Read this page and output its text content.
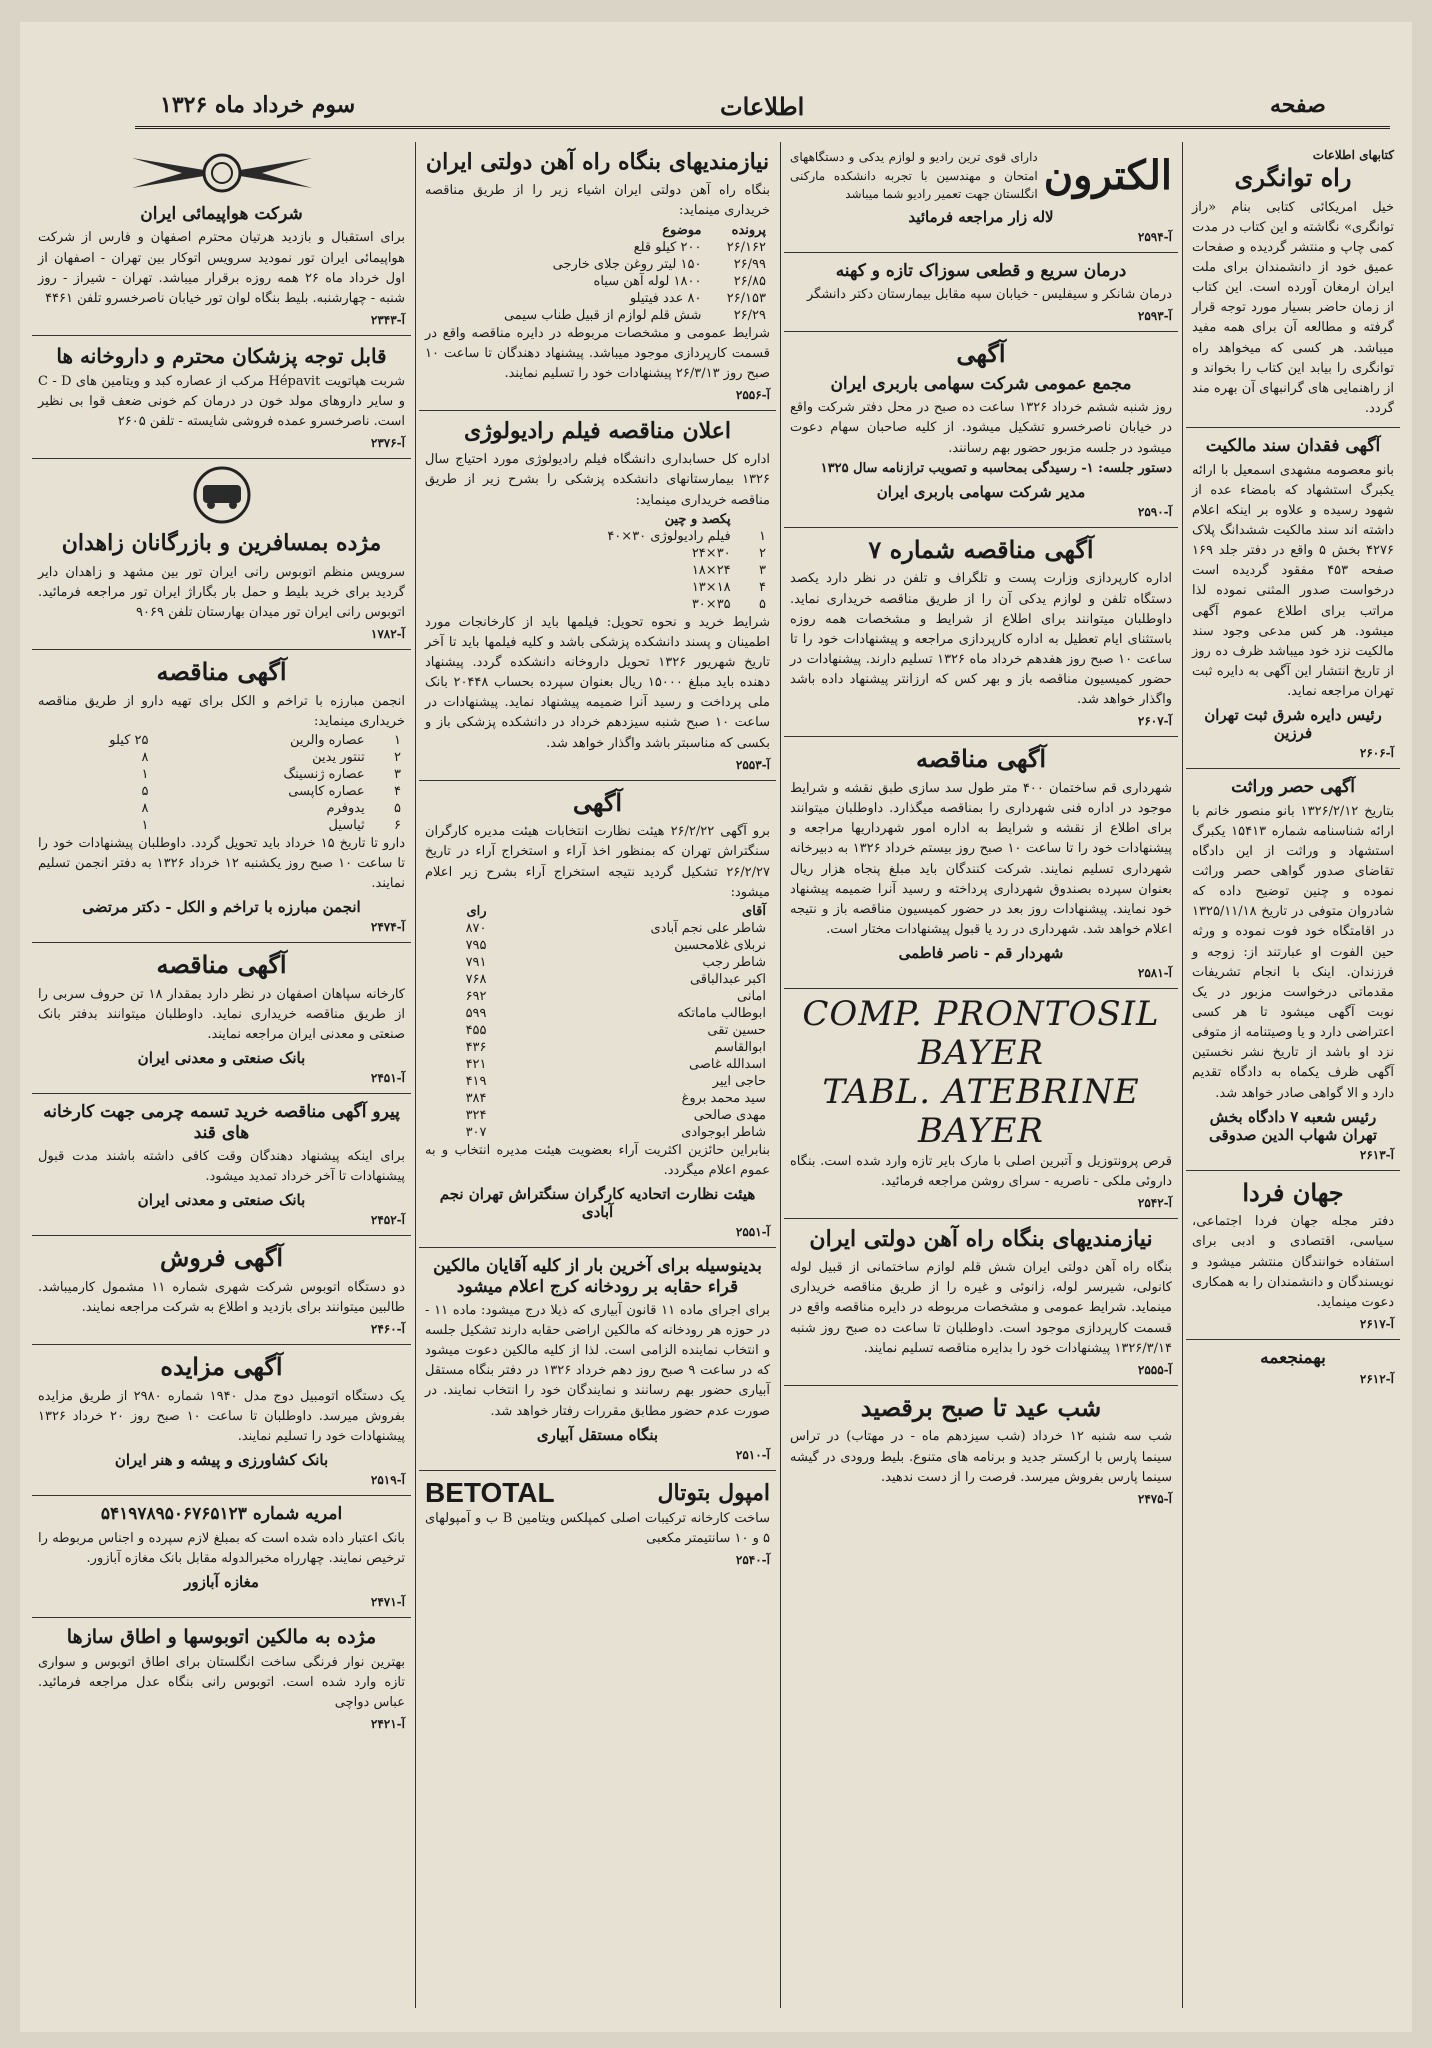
سوم خرداد ماه ۱۳۲۶	اطلاعات	صفحه
کتابهای اطلاعات
راه توانگری

خیل امریکائی کتابی بنام «راز توانگری» نگاشته و این کتاب در مدت کمی چاپ و منتشر گردیده و صفحات عمیق خود از دانشمندان برای ملت ایران ارمغان آورده است. این کتاب از زمان حاضر بسیار مورد توجه قرار گرفته و مطالعه آن برای همه مفید میباشد. هر کسی که میخواهد راه توانگری را بیابد این کتاب را بخواند و از راهنمایی های گرانبهای آن بهره مند گردد.

آگهی فقدان سند مالکیت

بانو معصومه مشهدی اسمعیل با ارائه یکبرگ استشهاد که بامضاء عده از شهود رسیده و علاوه بر اینکه اعلام داشته اند سند مالکیت ششدانگ پلاک ۴۲۷۶ بخش ۵ واقع در دفتر جلد ۱۶۹ صفحه ۴۵۳ مفقود گردیده است درخواست صدور المثنی نموده لذا مراتب برای اطلاع عموم آگهی میشود. هر کس مدعی وجود سند مالکیت نزد خود میباشد ظرف ده روز از تاریخ انتشار این آگهی به دایره ثبت تهران مراجعه نماید.

رئیس دایره شرق ثبت تهران فرزین
آ-۲۶۰۶
آگهی حصر وراثت

بتاریخ ۱۳۲۶/۲/۱۲ بانو منصور خانم با ارائه شناسنامه شماره ۱۵۴۱۳ یکبرگ استشهاد و وراثت از این دادگاه تقاضای صدور گواهی حصر وراثت نموده و چنین توضیح داده که شادروان متوفی در تاریخ ۱۳۲۵/۱۱/۱۸ در اقامتگاه خود فوت نموده و ورثه حین الفوت او عبارتند از: زوجه و فرزندان. اینک با انجام تشریفات مقدماتی درخواست مزبور در یک نوبت آگهی میشود تا هر کسی اعتراضی دارد و یا وصیتنامه از متوفی نزد او باشد از تاریخ نشر نخستین آگهی ظرف یکماه به دادگاه تقدیم دارد و الا گواهی صادر خواهد شد.

رئیس شعبه ۷ دادگاه بخش تهران شهاب الدین صدوقی
آ-۲۶۱۳
جهان فردا

دفتر مجله جهان فردا اجتماعی، سیاسی، اقتصادی و ادبی برای استفاده خوانندگان منتشر میشود و نویسندگان و دانشمندان را به همکاری دعوت مینماید.

آ-۲۶۱۷
بهمنجعمه
آ-۲۶۱۲
الکترون

دارای قوی ترین رادیو و لوازم یدکی و دستگاههای امتحان و مهندسین با تجربه دانشکده مارکنی انگلستان جهت تعمیر رادیو شما میباشد

لاله زار مراجعه فرمائید
آ-۲۵۹۴
درمان سریع و قطعی سوزاک تازه و کهنه

درمان شانکر و سیفلیس - خیابان سپه مقابل بیمارستان دکتر دانشگر

آ-۲۵۹۳
آگهی
مجمع عمومی شرکت سهامی باربری ایران

روز شنبه ششم خرداد ۱۳۲۶ ساعت ده صبح در محل دفتر شرکت واقع در خیابان ناصرخسرو تشکیل میشود. از کلیه صاحبان سهام دعوت میشود در جلسه مزبور حضور بهم رسانند.

دستور جلسه: ۱- رسیدگی بمحاسبه و تصویب ترازنامه سال ۱۳۲۵

مدیر شرکت سهامی باربری ایران
آ-۲۵۹۰
آگهی مناقصه شماره ۷

اداره کارپردازی وزارت پست و تلگراف و تلفن در نظر دارد یکصد دستگاه تلفن و لوازم یدکی آن را از طریق مناقصه خریداری نماید. داوطلبان میتوانند برای اطلاع از شرایط و مشخصات همه روزه باستثنای ایام تعطیل به اداره کارپردازی مراجعه و پیشنهادات خود را تا ساعت ۱۰ صبح روز هفدهم خرداد ماه ۱۳۲۶ تسلیم دارند. پیشنهادات در حضور کمیسیون مناقصه باز و بهر کس که ارزانتر پیشنهاد داده باشد واگذار خواهد شد.

آ-۲۶۰۷
آگهی مناقصه

شهرداری قم ساختمان ۴۰۰ متر طول سد سازی طبق نقشه و شرایط موجود در اداره فنی شهرداری را بمناقصه میگذارد. داوطلبان میتوانند برای اطلاع از نقشه و شرایط به اداره امور شهرداریها مراجعه و پیشنهادات خود را تا ساعت ۱۰ صبح روز بیستم خرداد ۱۳۲۶ به دبیرخانه شهرداری تسلیم نمایند. شرکت کنندگان باید مبلغ پنجاه هزار ریال بعنوان سپرده بصندوق شهرداری پرداخته و رسید آنرا ضمیمه پیشنهاد خود نمایند. پیشنهادات روز بعد در حضور کمیسیون مناقصه باز و نتیجه اعلام خواهد شد. شهرداری در رد یا قبول پیشنهادات مختار است.

شهردار قم - ناصر فاطمی
آ-۲۵۸۱
COMP. PRONTOSIL BAYER
TABL. ATEBRINE BAYER

قرص پرونتوزیل و آتبرین اصلی با مارک بایر تازه وارد شده است. بنگاه داروئی ملکی - ناصریه - سرای روشن مراجعه فرمائید.

آ-۲۵۴۲
نیازمندیهای بنگاه راه آهن دولتی ایران

بنگاه راه آهن دولتی ایران شش قلم لوازم ساختمانی از قبیل لوله کانولی، شیرسر لوله، زانوئی و غیره را از طریق مناقصه خریداری مینماید. شرایط عمومی و مشخصات مربوطه در دایره مناقصه واقع در قسمت کارپردازی موجود است. داوطلبان تا ساعت ده صبح روز شنبه ۱۳۲۶/۳/۱۴ پیشنهادات خود را بدایره مناقصه تسلیم نمایند.

آ-۲۵۵۵
شب عید تا صبح برقصید

شب سه شنبه ۱۲ خرداد (شب سیزدهم ماه - در مهتاب) در تراس سینما پارس با ارکستر جدید و برنامه های متنوع. بلیط ورودی در گیشه سینما پارس بفروش میرسد. فرصت را از دست ندهید.

آ-۲۴۷۵
نیازمندیهای بنگاه راه آهن دولتی ایران

بنگاه راه آهن دولتی ایران اشیاء زیر را از طریق مناقصه خریداری مینماید:

پرونده	موضوع
۲۶/۱۶۲	۲۰۰ کیلو قلع
۲۶/۹۹	۱۵۰ لیتر روغن جلای خارجی
۲۶/۸۵	۱۸۰۰ لوله آهن سیاه
۲۶/۱۵۳	۸۰ عدد فیتیلو
۲۶/۲۹	شش قلم لوازم از قبیل طناب سیمی

شرایط عمومی و مشخصات مربوطه در دایره مناقصه واقع در قسمت کارپردازی موجود میباشد. پیشنهاد دهندگان تا ساعت ۱۰ صبح روز ۲۶/۳/۱۳ پیشنهادات خود را تسلیم نمایند.

آ-۲۵۵۶
اعلان مناقصه فیلم رادیولوژی

اداره کل حسابداری دانشگاه فیلم رادیولوژی مورد احتیاج سال ۱۳۲۶ بیمارستانهای دانشکده پزشکی را بشرح زیر از طریق مناقصه خریداری مینماید:

	پکصد و چین
۱	فیلم رادیولوژی ۳۰×۴۰
۲	۳۰×۲۴
۳	۲۴×۱۸
۴	۱۸×۱۳
۵	۳۵×۳۰

شرایط خرید و نحوه تحویل: فیلمها باید از کارخانجات مورد اطمینان و پسند دانشکده پزشکی باشد و کلیه فیلمها باید تا آخر تاریخ شهریور ۱۳۲۶ تحویل داروخانه دانشکده گردد. پیشنهاد دهنده باید مبلغ ۱۵۰۰۰ ریال بعنوان سپرده بحساب ۲۰۴۴۸ بانک ملی پرداخت و رسید آنرا ضمیمه پیشنهاد نماید. پیشنهادات در ساعت ۱۰ صبح شنبه سیزدهم خرداد در دانشکده پزشکی باز و بکسی که مناسبتر باشد واگذار خواهد شد.

آ-۲۵۵۳
آگهی

برو آگهی ۲۶/۲/۲۲ هیئت نظارت انتخابات هیئت مدیره کارگران سنگتراش تهران که بمنظور اخذ آراء و استخراج آراء در تاریخ ۲۶/۲/۲۷ تشکیل گردید نتیجه استخراج آراء بشرح زیر اعلام میشود:

آقای	رای
شاطر علی نجم آبادی	۸۷۰
نربلای غلامحسین	۷۹۵
شاطر رجب	۷۹۱
اکبر عبدالباقی	۷۶۸
امانی	۶۹۲
ابوطالب ماماتکه	۵۹۹
حسین تقی	۴۵۵
ابوالقاسم	۴۳۶
اسدالله غاصی	۴۲۱
حاجی اییر	۴۱۹
سید محمد بروغ	۳۸۴
مهدی صالحی	۳۲۴
شاطر ابوجوادی	۳۰۷

بنابراین حائزین اکثریت آراء بعضویت هیئت مدیره انتخاب و به عموم اعلام میگردد.

هیئت نظارت اتحادیه کارگران سنگتراش تهران نجم آبادی
آ-۲۵۵۱
بدینوسیله برای آخرین بار از کلیه آقایان مالکین قراء حقابه بر رودخانه کرج اعلام میشود

برای اجرای ماده ۱۱ قانون آبیاری که ذیلا درج میشود: ماده ۱۱ - در حوزه هر رودخانه که مالکین اراضی حقابه دارند تشکیل جلسه و انتخاب نماینده الزامی است. لذا از کلیه مالکین دعوت میشود که در ساعت ۹ صبح روز دهم خرداد ۱۳۲۶ در دفتر بنگاه مستقل آبیاری حضور بهم رسانند و نمایندگان خود را انتخاب نمایند. در صورت عدم حضور مطابق مقررات رفتار خواهد شد.

بنگاه مستقل آبیاری
آ-۲۵۱۰
امپول بتوتال
BETOTAL

ساخت کارخانه ترکیبات اصلی کمپلکس ویتامین B ب و آمپولهای ۵ و ۱۰ سانتیمتر مکعبی

آ-۲۵۴۰
شرکت هواپیمائی ایران

برای استقبال و بازدید هرتیان محترم اصفهان و فارس از شرکت هواپیمائی ایران تور نمودید سرویس اتوکار بین تهران - اصفهان از اول خرداد ماه ۲۶ همه روزه برقرار میباشد. تهران - شیراز - روز شنبه - چهارشنبه. بلیط بنگاه لوان تور خیابان ناصرخسرو تلفن ۴۴۶۱

آ-۲۳۴۳
قابل توجه پزشکان محترم و داروخانه ها

شربت هپاتویت Hépavit مرکب از عصاره کبد و ویتامین های C - D و سایر داروهای مولد خون در درمان کم خونی ضعف قوا بی نظیر است. ناصرخسرو عمده فروشی شایسته - تلفن ۲۶۰۵

آ-۲۳۷۶
مژده بمسافرین و بازرگانان زاهدان

سرویس منظم اتوبوس رانی ایران تور بین مشهد و زاهدان دایر گردید برای خرید بلیط و حمل بار بگاراژ ایران تور مراجعه فرمائید. اتوبوس رانی ایران تور میدان بهارستان تلفن ۹۰۶۹

آ-۱۷۸۲
آگهی مناقصه

انجمن مبارزه با تراخم و الکل برای تهیه دارو از طریق مناقصه خریداری مینماید:

۱	عصاره والرین	۲۵ کیلو
۲	تنتور یدین	۸
۳	عصاره ژنسینگ	۱
۴	عصاره کاپسی	۵
۵	یدوفرم	۸
۶	ثیاسیل	۱

دارو تا تاریخ ۱۵ خرداد باید تحویل گردد. داوطلبان پیشنهادات خود را تا ساعت ۱۰ صبح روز یکشنبه ۱۲ خرداد ۱۳۲۶ به دفتر انجمن تسلیم نمایند.

انجمن مبارزه با تراخم و الکل - دکتر مرتضی
آ-۲۴۷۴
آگهی مناقصه

کارخانه سپاهان اصفهان در نظر دارد بمقدار ۱۸ تن حروف سربی را از طریق مناقصه خریداری نماید. داوطلبان میتوانند بدفتر بانک صنعتی و معدنی ایران مراجعه نمایند.

بانک صنعتی و معدنی ایران
آ-۲۴۵۱
پیرو آگهی مناقصه خرید تسمه چرمی جهت کارخانه های قند

برای اینکه پیشنهاد دهندگان وقت کافی داشته باشند مدت قبول پیشنهادات تا آخر خرداد تمدید میشود.

بانک صنعتی و معدنی ایران
آ-۲۴۵۲
آگهی فروش

دو دستگاه اتوبوس شرکت شهری شماره ۱۱ مشمول کارمیباشد. طالبین میتوانند برای بازدید و اطلاع به شرکت مراجعه نمایند.

آ-۲۴۶۰
آگهی مزایده

یک دستگاه اتومبیل دوج مدل ۱۹۴۰ شماره ۲۹۸۰ از طریق مزایده بفروش میرسد. داوطلبان تا ساعت ۱۰ صبح روز ۲۰ خرداد ۱۳۲۶ پیشنهادات خود را تسلیم نمایند.

بانک کشاورزی و پیشه و هنر ایران
آ-۲۵۱۹
امریه شماره ۵۴۱۹۷۸۹۵۰۶۷۶۵۱۲۳

بانک اعتبار داده شده است که بمبلغ لازم سپرده و اجناس مربوطه را ترخیص نمایند. چهارراه مخبرالدوله مقابل بانک مغازه آبازور.

مغازه آبازور
آ-۲۴۷۱
مژده به مالکین اتوبوسها و اطاق سازها

بهترین نوار فرنگی ساخت انگلستان برای اطاق اتوبوس و سواری تازه وارد شده است. اتوبوس رانی بنگاه عدل مراجعه فرمائید. عباس دواچی

آ-۲۴۲۱
